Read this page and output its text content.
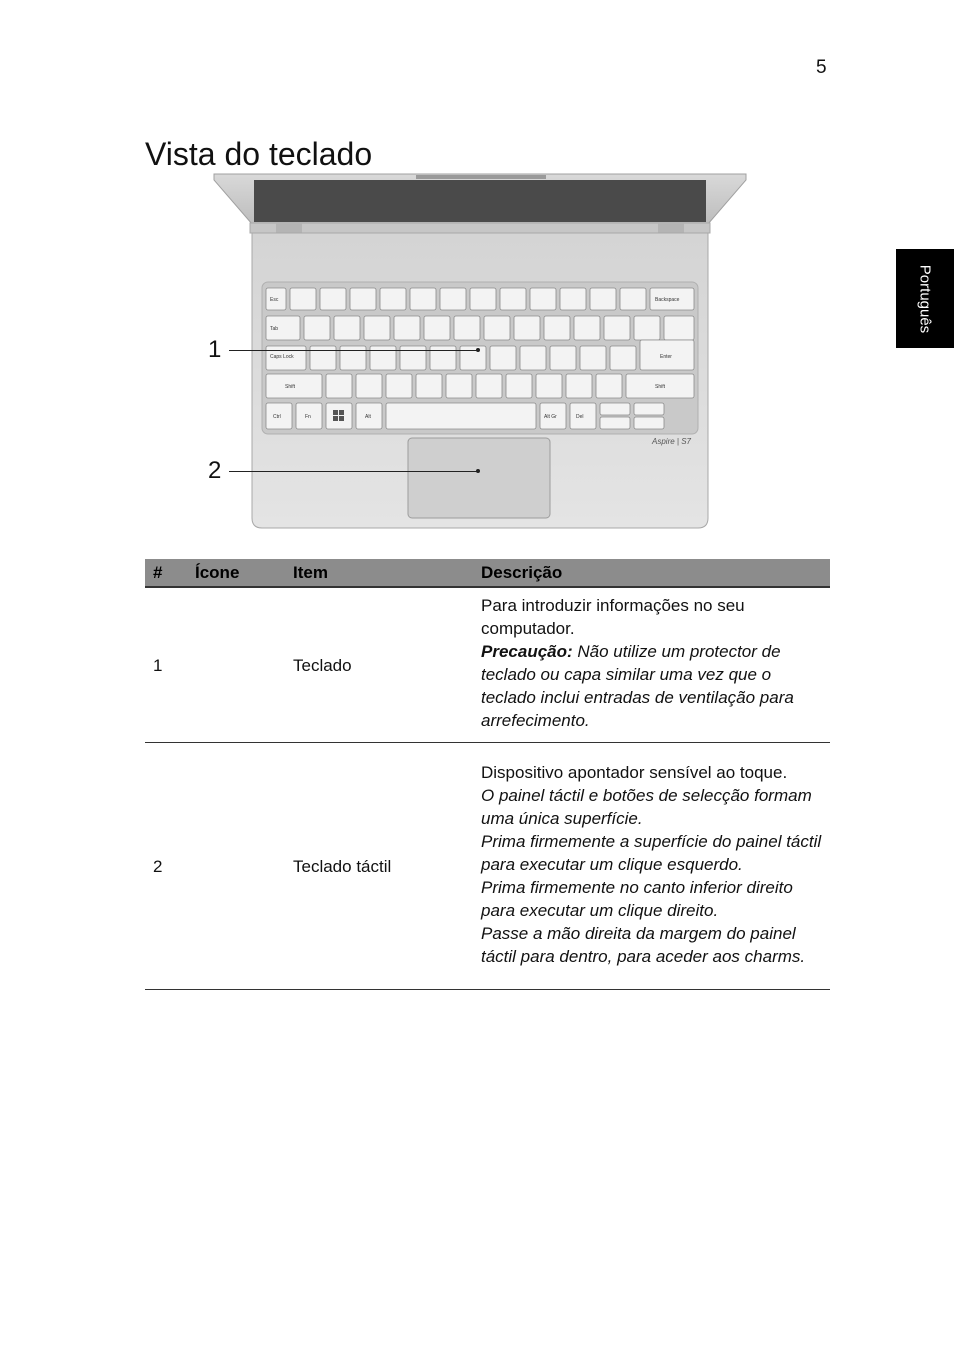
5
Português
Vista do teclado
Esc	Backspace
Tab
Caps Lock	Enter
Shift	Shift
Ctrl	Fn	Alt	Alt Gr	Del
Aspire | S7
1
2
#	Ícone	Item	Descrição
1		Teclado	Para introduzir informações no seu computador.
Precaução: Não utilize um protector de teclado ou capa similar uma vez que o teclado inclui entradas de ventilação para arrefecimento.
2		Teclado táctil	Dispositivo apontador sensível ao toque.
O painel táctil e botões de selecção formam uma única superfície.
Prima firmemente a superfície do painel táctil para executar um clique esquerdo.
Prima firmemente no canto inferior direito para executar um clique direito.
Passe a mão direita da margem do painel táctil para dentro, para aceder aos charms.
